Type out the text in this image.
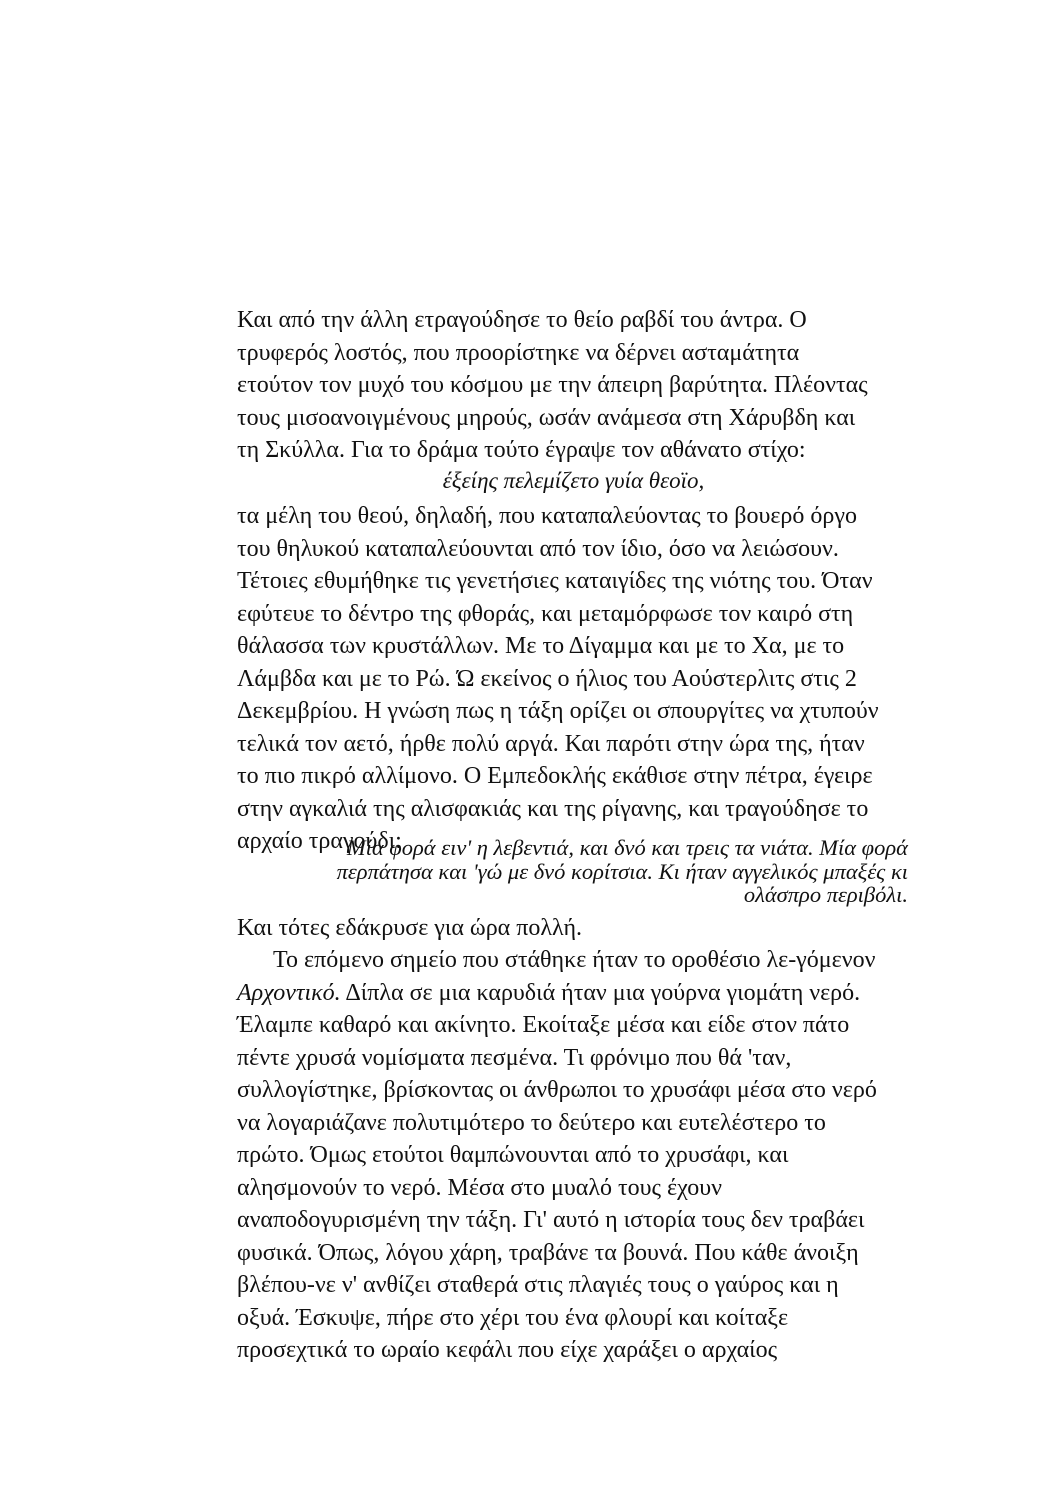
Και από την άλλη ετραγούδησε το θείο ραβδί του άντρα. Ο
τρυφερός λοστός, που προορίστηκε να δέρνει ασταμάτητα
ετούτον τον μυχό του κόσμου με την άπειρη βαρύτητα. Πλέοντας
τους μισοανοιγμένους μηρούς, ωσάν ανάμεσα στη Χάρυβδη και
τη Σκύλλα. Για το δράμα τούτο έγραψε τον αθάνατο στίχο:
έξείης πελεμίζετο γυία θεοϊο,
τα μέλη του θεού, δηλαδή, που καταπαλεύοντας το βουερό όργο
του θηλυκού καταπαλεύουνται από τον ίδιο, όσο να λειώσουν.
Τέτοιες εθυμήθηκε τις γενετήσιες καταιγίδες της νιότης του. Όταν
εφύτευε το δέντρο της φθοράς, και μεταμόρφωσε τον καιρό στη
θάλασσα των κρυστάλλων. Με το Δίγαμμα και με το Χα, με το
Λάμβδα και με το Ρώ. Ώ εκείνος ο ήλιος του Αούστερλιτς στις 2
Δεκεμβρίου. Η γνώση πως η τάξη ορίζει οι σπουργίτες να χτυπούν
τελικά τον αετό, ήρθε πολύ αργά. Και παρότι στην ώρα της, ήταν
το πιο πικρό αλλίμονο. Ο Εμπεδοκλής εκάθισε στην πέτρα, έγειρε
στην αγκαλιά της αλισφακιάς και της ρίγανης, και τραγούδησε το
αρχαίο τραγούδι:
Μία φορά ειν' η λεβεντιά, και δνό και τρεις τα νιάτα. Μία φορά
περπάτησα και 'γώ με δνό κορίτσια. Κι ήταν αγγελικός μπαξές κι
ολάσπρο περιβόλι.
Και τότες εδάκρυσε για ώρα πολλή.
Το επόμενο σημείο που στάθηκε ήταν το οροθέσιο λε-γόμενον
Αρχοντικό. Δίπλα σε μια καρυδιά ήταν μια γούρνα γιομάτη νερό.
Έλαμπε καθαρό και ακίνητο. Εκοίταξε μέσα και είδε στον πάτο
πέντε χρυσά νομίσματα πεσμένα. Τι φρόνιμο που θά 'ταν,
συλλογίστηκε, βρίσκοντας οι άνθρωποι το χρυσάφι μέσα στο νερό
να λογαριάζανε πολυτιμότερο το δεύτερο και ευτελέστερο το
πρώτο. Όμως ετούτοι θαμπώνουνται από το χρυσάφι, και
αλησμονούν το νερό. Μέσα στο μυαλό τους έχουν
αναποδογυρισμένη την τάξη. Γι' αυτό η ιστορία τους δεν τραβάει
φυσικά. Όπως, λόγου χάρη, τραβάνε τα βουνά. Που κάθε άνοιξη
βλέπου-νε ν' ανθίζει σταθερά στις πλαγιές τους ο γαύρος και η
οξυά. Έσκυψε, πήρε στο χέρι του ένα φλουρί και κοίταξε
προσεχτικά το ωραίο κεφάλι που είχε χαράξει ο αρχαίος
